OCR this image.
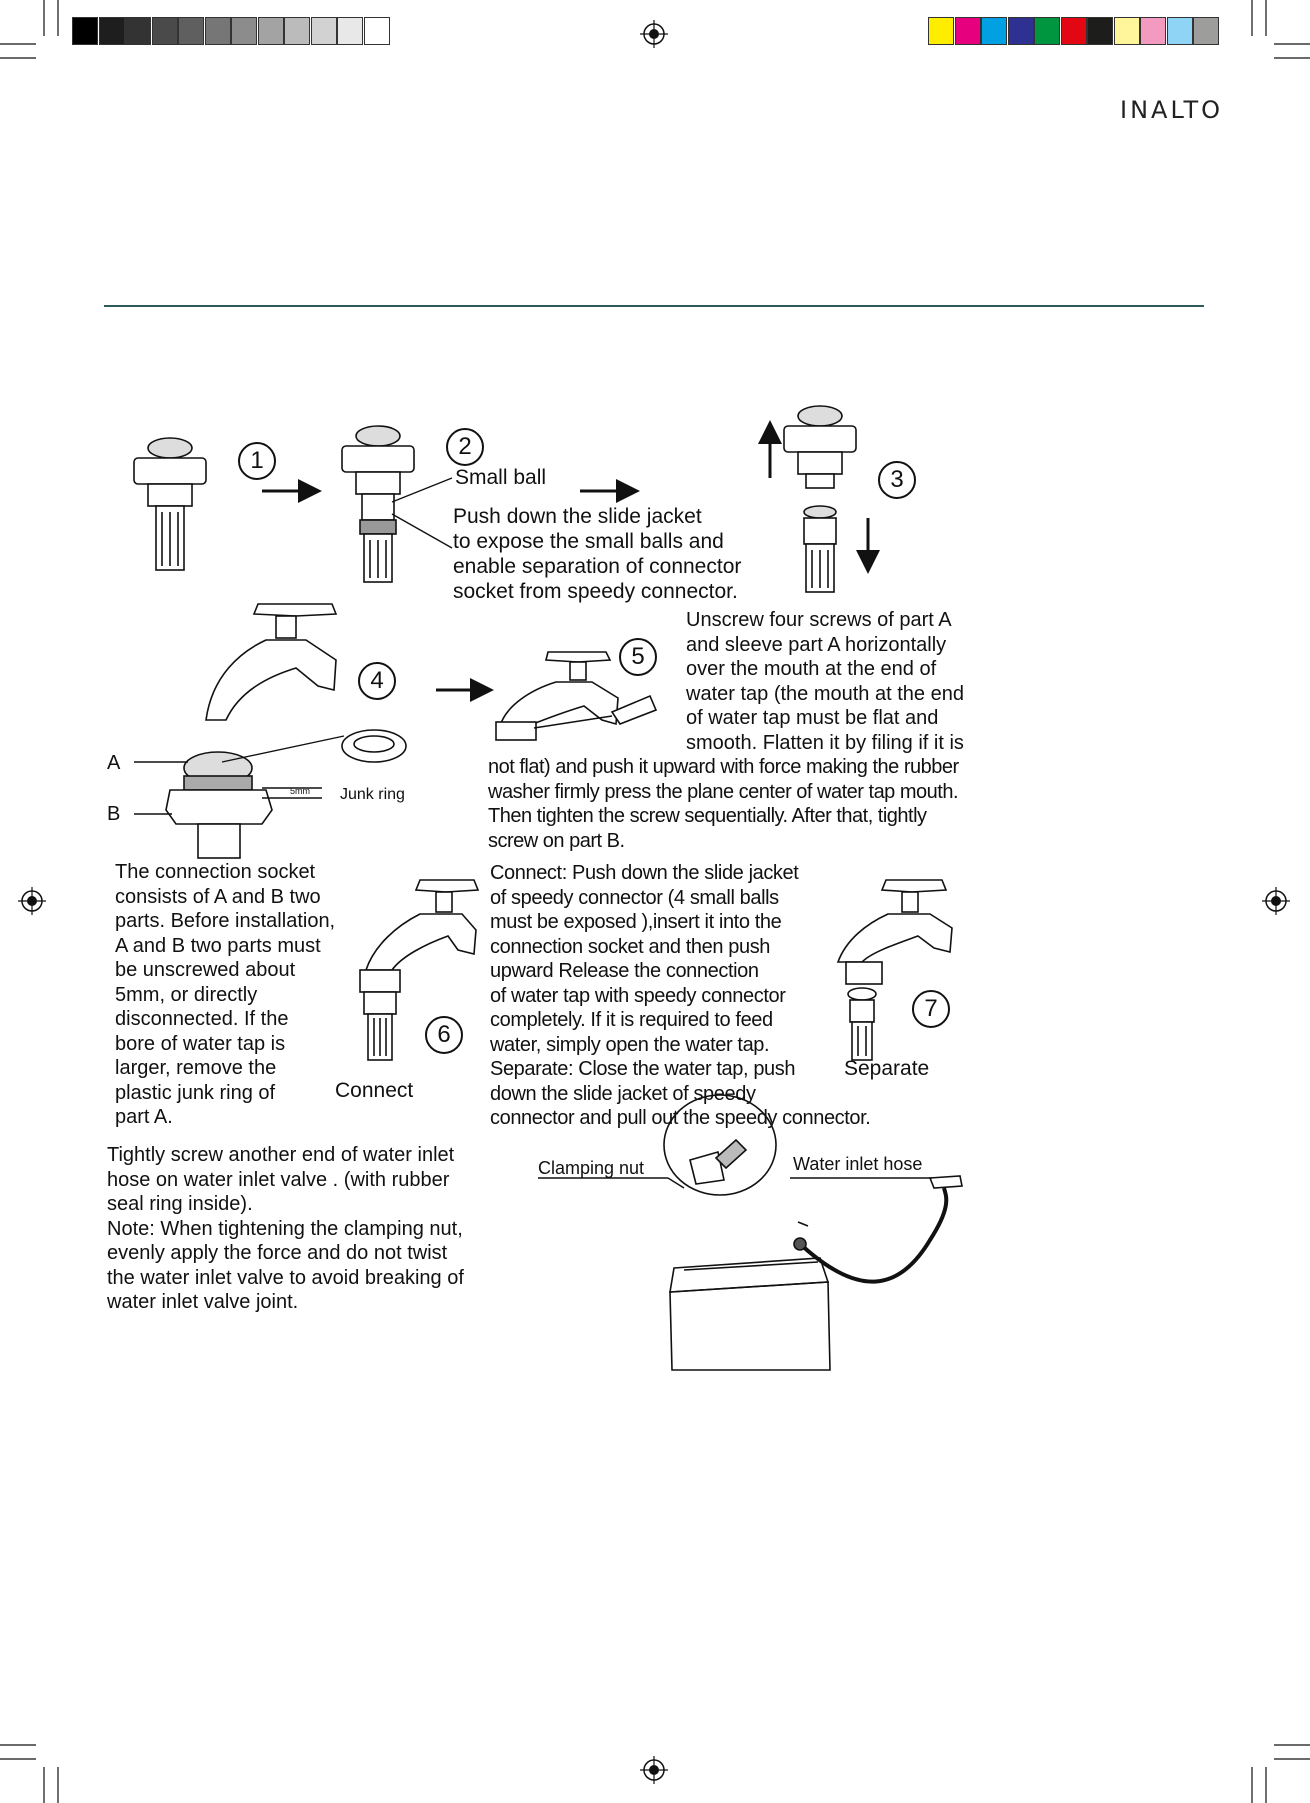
INALTO
1
2
3
4
5
6
7
Small ball
Push down the slide jacket
to expose the small balls and
enable separation of connector
socket from speedy connector.
A
B
Junk ring
5mm
Connect
Separate
Clamping nut	Water inlet hose
Unscrew four screws of part A
and sleeve part A horizontally
over the mouth at the end of
water tap (the mouth at the end
of water tap must be flat and
smooth. Flatten it by filing if it is
not flat) and push it upward with force making the rubber
washer firmly press the plane center of water tap mouth.
Then tighten the screw sequentially. After that, tightly
screw on part B.
The connection socket
consists of A and B two
parts. Before installation,
A and B two parts must
be unscrewed about
5mm, or directly
disconnected. If the
bore of water tap is
larger, remove the
plastic junk ring of
part A.
Connect: Push down the slide jacket
of speedy connector (4 small balls
must be exposed ),insert it into the
connection socket and then push
upward Release the connection
of water tap with speedy connector
completely. If it is required to feed
water, simply open the water tap.
Separate: Close the water tap, push
down the slide jacket of speedy
connector and pull out the speedy connector.
Tightly screw another end of water inlet
hose on water inlet valve . (with rubber
seal ring inside).
Note: When tightening the clamping nut,
evenly apply the force and do not twist
the water inlet valve to avoid breaking of
water inlet valve joint.
